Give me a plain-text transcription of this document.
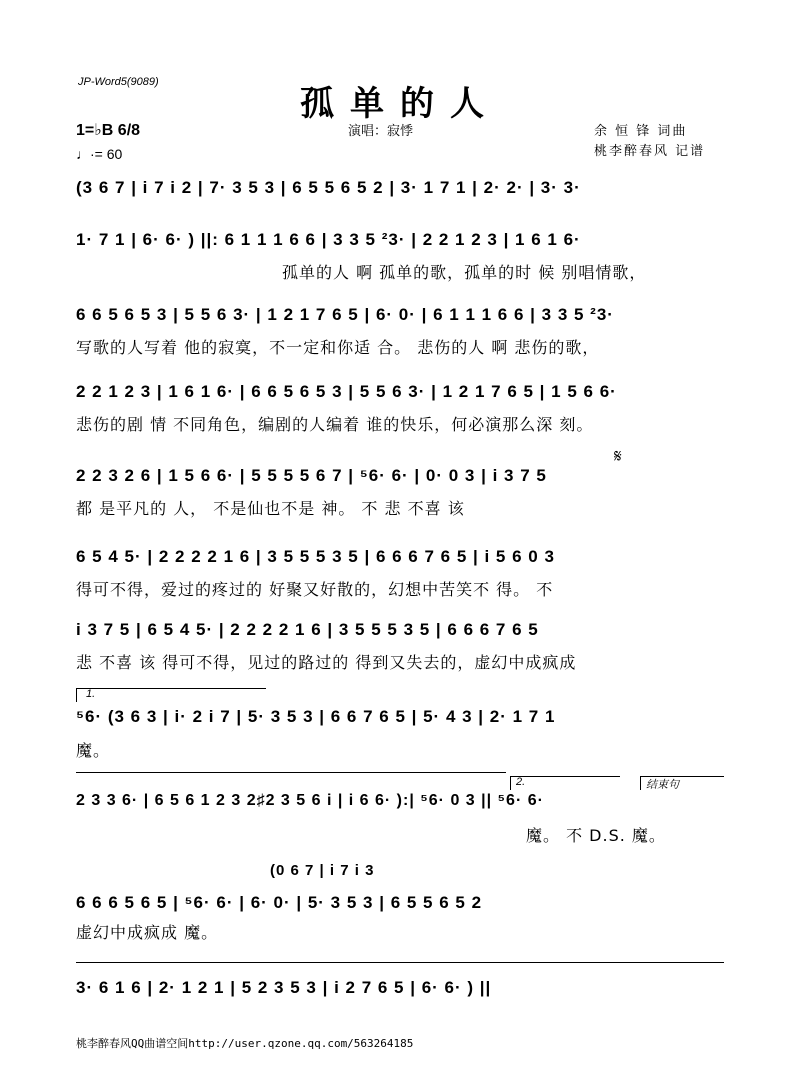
JP-Word5(9089)
孤单的人
1=♭B 6/8
♩·= 60
演唱：寂悸	余 恒 锋 词曲
桃李醉春风 记谱
(3 6 7 | i 7 i 2 | 7· 3 5 3 | 6 5 5 6 5 2 | 3· 1 7 1 | 2· 2· | 3· 3·
1· 7 1 | 6· 6· ) ||: 6 1 1 1 6 6 | 3 3 5 ²3· | 2 2 1 2 3 | 1 6 1 6·
孤单的人 啊 孤单的歌，孤单的时 候 别唱情歌，
6 6 5 6 5 3 | 5 5 6 3· | 1 2 1 7 6 5 | 6· 0· | 6 1 1 1 6 6 | 3 3 5 ²3·
写歌的人写着 他的寂寞，不一定和你适 合。 悲伤的人 啊 悲伤的歌，
2 2 1 2 3 | 1 6 1 6· | 6 6 5 6 5 3 | 5 5 6 3· | 1 2 1 7 6 5 | 1 5 6 6·
悲伤的剧 情 不同角色，编剧的人编着 谁的快乐，何必演那么深 刻。
𝄋
2 2 3 2 6 | 1 5 6 6· | 5 5 5 5 6 7 | ⁵6· 6· | 0· 0 3 | i 3 7 5
都 是平凡的 人， 不是仙也不是 神。 不 悲 不喜 该
6 5 4 5· | 2 2 2 2 1 6 | 3 5 5 5 3 5 | 6 6 6 7 6 5 | i 5 6 0 3
得可不得，爱过的疼过的 好聚又好散的，幻想中苦笑不 得。 不
i 3 7 5 | 6 5 4 5· | 2 2 2 2 1 6 | 3 5 5 5 3 5 | 6 6 6 7 6 5
悲 不喜 该 得可不得，见过的路过的 得到又失去的，虚幻中成疯成
1.
⁵6· (3 6 3 | i· 2 i 7 | 5· 3 5 3 | 6 6 7 6 5 | 5· 4 3 | 2· 1 7 1
魔。
2.	结束句
2 3 3 6· | 6 5 6 1 2 3 2♯2 3 5 6 i | i 6 6· ):| ⁵6· 0 3 || ⁵6· 6·
魔。 不 D.S. 魔。
(0 6 7 | i 7 i 3
6 6 6 5 6 5 | ⁵6· 6· | 6· 0· | 5· 3 5 3 | 6 5 5 6 5 2
虚幻中成疯成 魔。
3· 6 1 6 | 2· 1 2 1 | 5 2 3 5 3 | i 2 7 6 5 | 6· 6· ) ||
桃李醉春风QQ曲谱空间http://user.qzone.qq.com/563264185
